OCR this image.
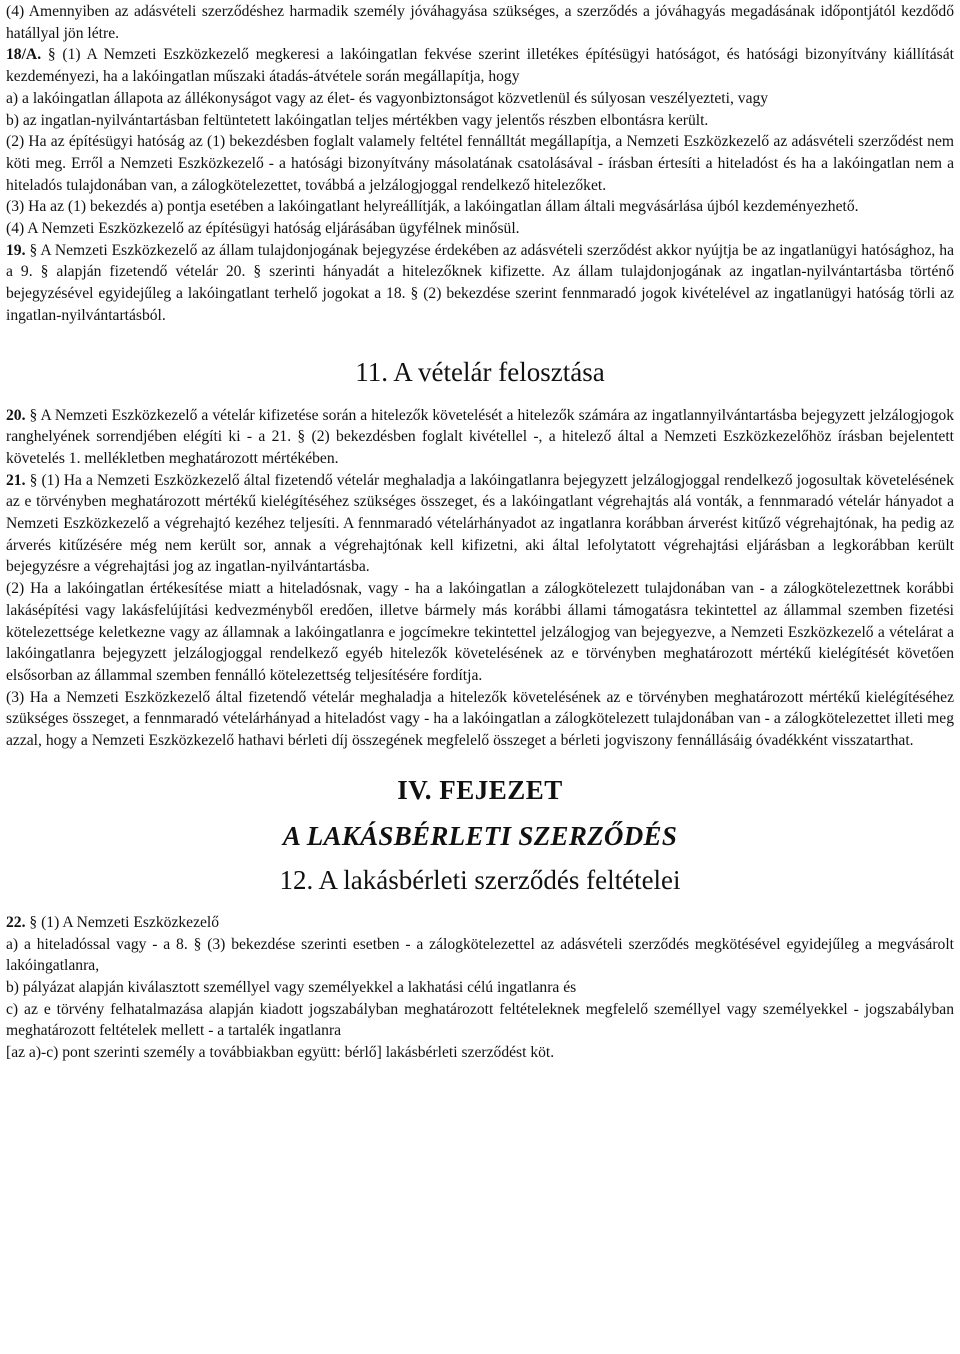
(4) Amennyiben az adásvételi szerződéshez harmadik személy jóváhagyása szükséges, a szerződés a jóváhagyás megadásának időpontjától kezdődő hatállyal jön létre.

18/A. § (1) A Nemzeti Eszközkezelő megkeresi a lakóingatlan fekvése szerint illetékes építésügyi hatóságot, és hatósági bizonyítvány kiállítását kezdeményezi, ha a lakóingatlan műszaki átadás-átvétele során megállapítja, hogy

a) a lakóingatlan állapota az állékonyságot vagy az élet- és vagyonbiztonságot közvetlenül és súlyosan veszélyezteti, vagy

b) az ingatlan-nyilvántartásban feltüntetett lakóingatlan teljes mértékben vagy jelentős részben elbontásra került.

(2) Ha az építésügyi hatóság az (1) bekezdésben foglalt valamely feltétel fennálltát megállapítja, a Nemzeti Eszközkezelő az adásvételi szerződést nem köti meg. Erről a Nemzeti Eszközkezelő - a hatósági bizonyítvány másolatának csatolásával - írásban értesíti a hiteladóst és ha a lakóingatlan nem a hiteladós tulajdonában van, a zálogkötelezettet, továbbá a jelzálogjoggal rendelkező hitelezőket.

(3) Ha az (1) bekezdés a) pontja esetében a lakóingatlant helyreállítják, a lakóingatlan állam általi megvásárlása újból kezdeményezhető.

(4) A Nemzeti Eszközkezelő az építésügyi hatóság eljárásában ügyfélnek minősül.

19. § A Nemzeti Eszközkezelő az állam tulajdonjogának bejegyzése érdekében az adásvételi szerződést akkor nyújtja be az ingatlanügyi hatósághoz, ha a 9. § alapján fizetendő vételár 20. § szerinti hányadát a hitelezőknek kifizette. Az állam tulajdonjogának az ingatlan-nyilvántartásba történő bejegyzésével egyidejűleg a lakóingatlant terhelő jogokat a 18. § (2) bekezdése szerint fennmaradó jogok kivételével az ingatlanügyi hatóság törli az ingatlan-nyilvántartásból.

11. A vételár felosztása

20. § A Nemzeti Eszközkezelő a vételár kifizetése során a hitelezők követelését a hitelezők számára az ingatlannyilvántartásba bejegyzett jelzálogjogok ranghelyének sorrendjében elégíti ki - a 21. § (2) bekezdésben foglalt kivétellel -, a hitelező által a Nemzeti Eszközkezelőhöz írásban bejelentett követelés 1. mellékletben meghatározott mértékében.

21. § (1) Ha a Nemzeti Eszközkezelő által fizetendő vételár meghaladja a lakóingatlanra bejegyzett jelzálogjoggal rendelkező jogosultak követelésének az e törvényben meghatározott mértékű kielégítéséhez szükséges összeget, és a lakóingatlant végrehajtás alá vonták, a fennmaradó vételár hányadot a Nemzeti Eszközkezelő a végrehajtó kezéhez teljesíti. A fennmaradó vételárhányadot az ingatlanra korábban árverést kitűző végrehajtónak, ha pedig az árverés kitűzésére még nem került sor, annak a végrehajtónak kell kifizetni, aki által lefolytatott végrehajtási eljárásban a legkorábban került bejegyzésre a végrehajtási jog az ingatlan-nyilvántartásba.

(2) Ha a lakóingatlan értékesítése miatt a hiteladósnak, vagy - ha a lakóingatlan a zálogkötelezett tulajdonában van - a zálogkötelezettnek korábbi lakásépítési vagy lakásfelújítási kedvezményből eredően, illetve bármely más korábbi állami támogatásra tekintettel az állammal szemben fizetési kötelezettsége keletkezne vagy az államnak a lakóingatlanra e jogcímekre tekintettel jelzálogjog van bejegyezve, a Nemzeti Eszközkezelő a vételárat a lakóingatlanra bejegyzett jelzálogjoggal rendelkező egyéb hitelezők követelésének az e törvényben meghatározott mértékű kielégítését követően elsősorban az állammal szemben fennálló kötelezettség teljesítésére fordítja.

(3) Ha a Nemzeti Eszközkezelő által fizetendő vételár meghaladja a hitelezők követelésének az e törvényben meghatározott mértékű kielégítéséhez szükséges összeget, a fennmaradó vételárhányad a hiteladóst vagy - ha a lakóingatlan a zálogkötelezett tulajdonában van - a zálogkötelezettet illeti meg azzal, hogy a Nemzeti Eszközkezelő hathavi bérleti díj összegének megfelelő összeget a bérleti jogviszony fennállásáig óvadékként visszatarthat.

IV. FEJEZET
A LAKÁSBÉRLETI SZERZŐDÉS
12. A lakásbérleti szerződés feltételei

22. § (1) A Nemzeti Eszközkezelő

a) a hiteladóssal vagy - a 8. § (3) bekezdése szerinti esetben - a zálogkötelezettel az adásvételi szerződés megkötésével egyidejűleg a megvásárolt lakóingatlanra,

b) pályázat alapján kiválasztott személlyel vagy személyekkel a lakhatási célú ingatlanra és

c) az e törvény felhatalmazása alapján kiadott jogszabályban meghatározott feltételeknek megfelelő személlyel vagy személyekkel - jogszabályban meghatározott feltételek mellett - a tartalék ingatlanra

[az a)-c) pont szerinti személy a továbbiakban együtt: bérlő] lakásbérleti szerződést köt.
